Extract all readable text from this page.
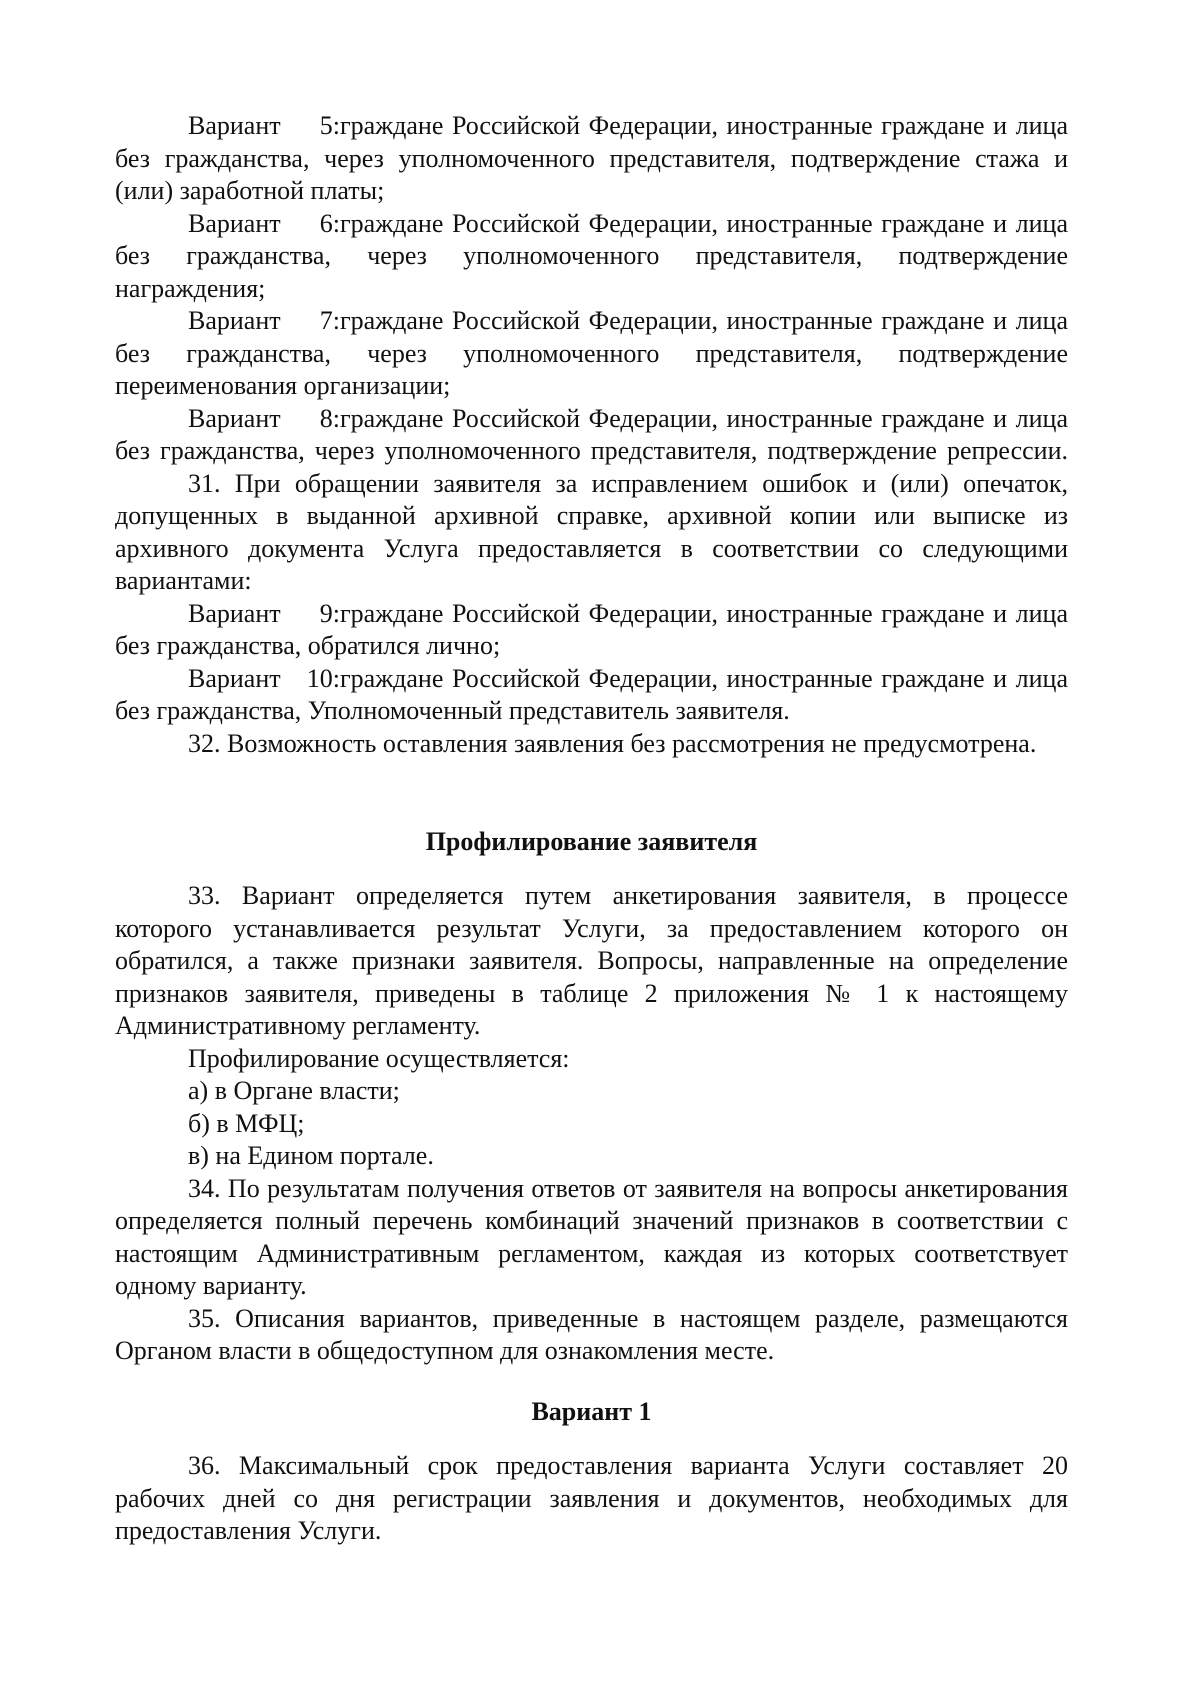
Вариант 5:граждане Российской Федерации, иностранные граждане и лица
без гражданства, через уполномоченного представителя, подтверждение стажа и
(или) заработной платы;
Вариант 6:граждане Российской Федерации, иностранные граждане и лица
без гражданства, через уполномоченного представителя, подтверждение
награждения;
Вариант 7:граждане Российской Федерации, иностранные граждане и лица
без гражданства, через уполномоченного представителя, подтверждение
переименования организации;
Вариант 8:граждане Российской Федерации, иностранные граждане и лица
без гражданства, через уполномоченного представителя, подтверждение репрессии.
31. При обращении заявителя за исправлением ошибок и (или) опечаток,
допущенных в выданной архивной справке, архивной копии или выписке из
архивного документа Услуга предоставляется в соответствии со следующими
вариантами:
Вариант 9:граждане Российской Федерации, иностранные граждане и лица
без гражданства, обратился лично;
Вариант 10:граждане Российской Федерации, иностранные граждане и лица
без гражданства, Уполномоченный представитель заявителя.
32. Возможность оставления заявления без рассмотрения не предусмотрена.
Профилирование заявителя
33. Вариант определяется путем анкетирования заявителя, в процессе
которого устанавливается результат Услуги, за предоставлением которого он
обратился, а также признаки заявителя. Вопросы, направленные на определение
признаков заявителя, приведены в таблице 2 приложения № 1 к настоящему
Административному регламенту.
Профилирование осуществляется:
а) в Органе власти;
б) в МФЦ;
в) на Едином портале.
34. По результатам получения ответов от заявителя на вопросы анкетирования
определяется полный перечень комбинаций значений признаков в соответствии с
настоящим Административным регламентом, каждая из которых соответствует
одному варианту.
35. Описания вариантов, приведенные в настоящем разделе, размещаются
Органом власти в общедоступном для ознакомления месте.
Вариант 1
36. Максимальный срок предоставления варианта Услуги составляет 20
рабочих дней со дня регистрации заявления и документов, необходимых для
предоставления Услуги.
